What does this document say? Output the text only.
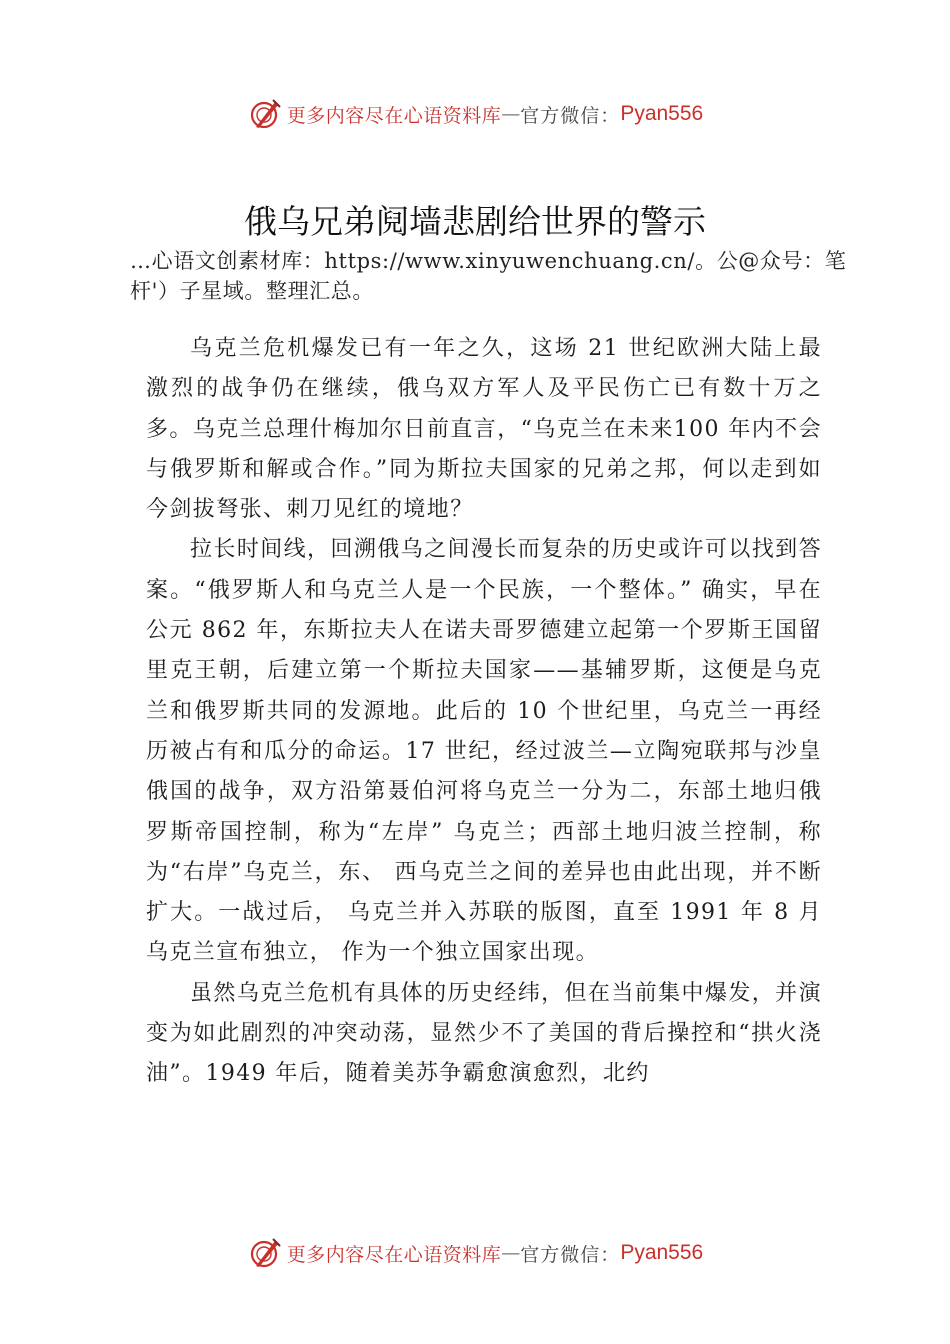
更多内容尽在心语资料库 — 官方微信： Pyan556
俄乌兄弟阋墙悲剧给世界的警示

…心语文创素材库：https://www.xinyuwenchuang.cn/。公@众号：笔杆'）子星域。整理汇总。

乌克兰危机爆发已有一年之久，这场 21 世纪欧洲大陆上最激烈的战争仍在继续，俄乌双方军人及平民伤亡已有数十万之多。乌克兰总理什梅加尔日前直言，“乌克兰在未来100 年内不会与俄罗斯和解或合作。”同为斯拉夫国家的兄弟之邦，何以走到如今剑拔弩张、刺刀见红的境地？

拉长时间线，回溯俄乌之间漫长而复杂的历史或许可以找到答案。“俄罗斯人和乌克兰人是一个民族，一个整体。” 确实，早在公元 862 年，东斯拉夫人在诺夫哥罗德建立起第一个罗斯王国留里克王朝，后建立第一个斯拉夫国家——基辅罗斯，这便是乌克兰和俄罗斯共同的发源地。此后的 10 个世纪里，乌克兰一再经历被占有和瓜分的命运。17 世纪，经过波兰—立陶宛联邦与沙皇俄国的战争，双方沿第聂伯河将乌克兰一分为二，东部土地归俄罗斯帝国控制，称为“左岸” 乌克兰；西部土地归波兰控制，称为“右岸”乌克兰，东、 西乌克兰之间的差异也由此出现，并不断扩大。一战过后， 乌克兰并入苏联的版图，直至 1991 年 8 月乌克兰宣布独立， 作为一个独立国家出现。

虽然乌克兰危机有具体的历史经纬，但在当前集中爆发，并演变为如此剧烈的冲突动荡，显然少不了美国的背后操控和“拱火浇油”。1949 年后，随着美苏争霸愈演愈烈，北约

更多内容尽在心语资料库 — 官方微信： Pyan556
